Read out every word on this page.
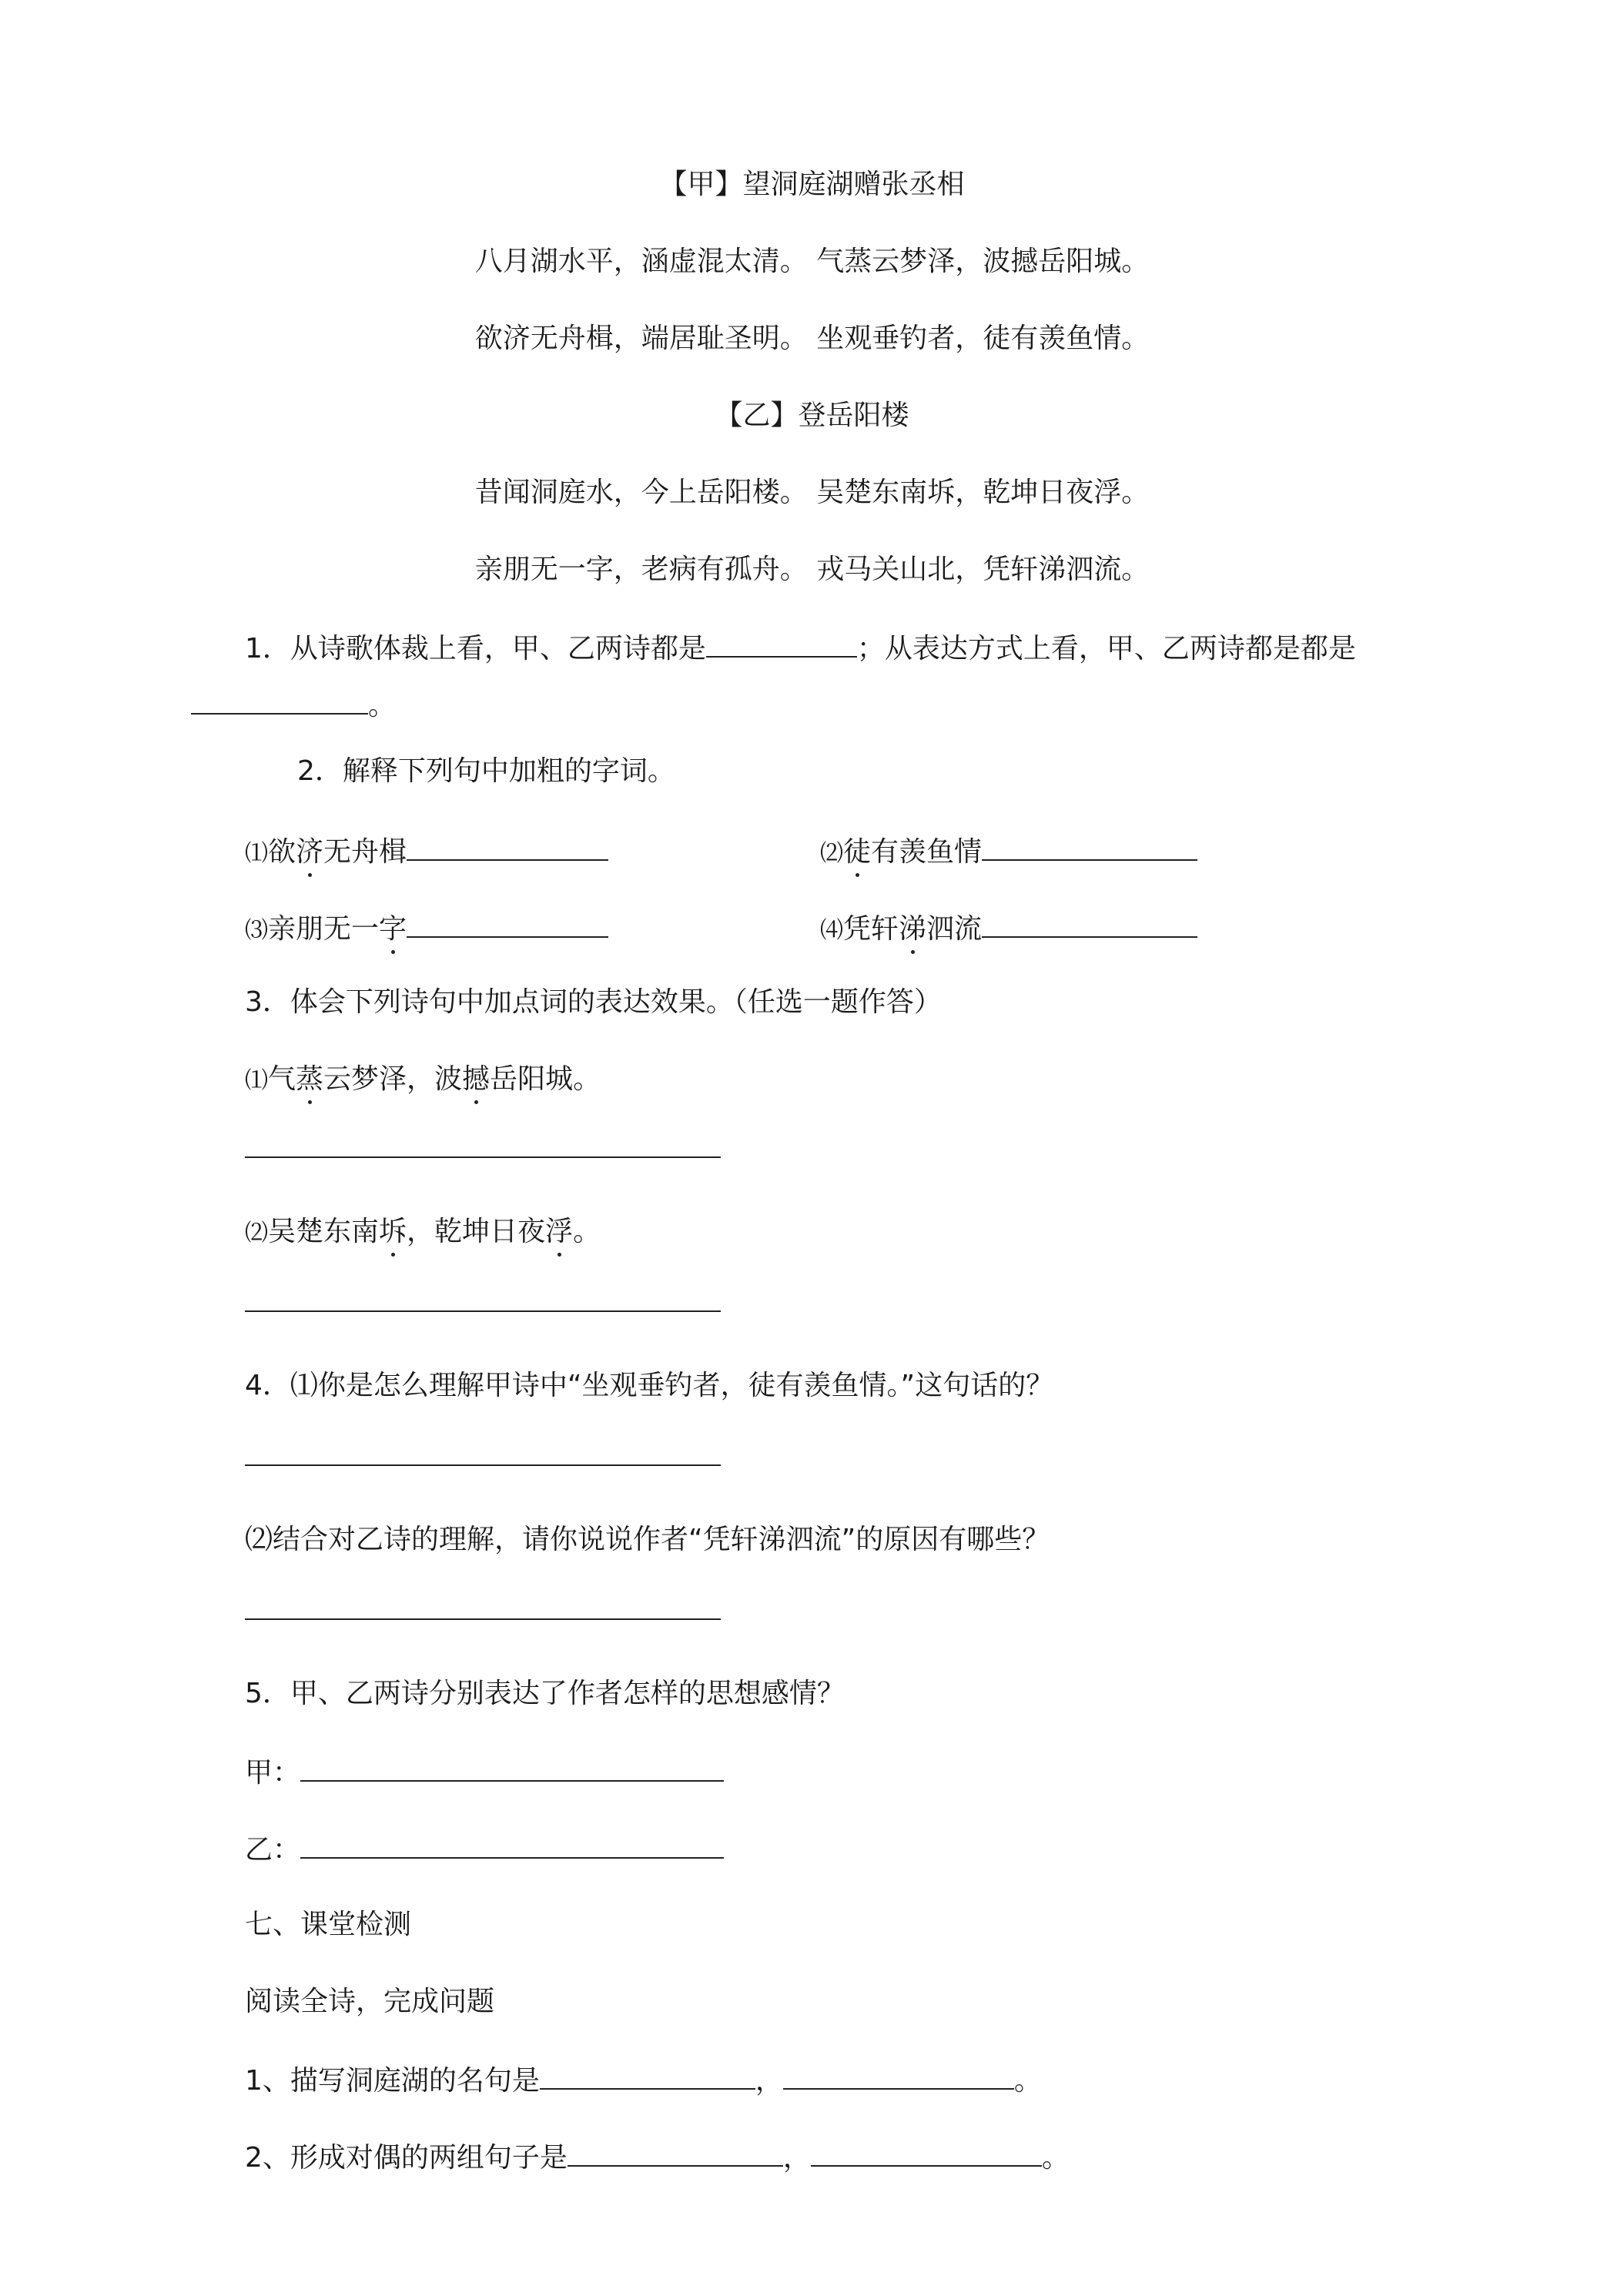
【甲】望洞庭湖赠张丞相
八月湖水平，涵虚混太清。 气蒸云梦泽，波撼岳阳城。
欲济无舟楫，端居耻圣明。 坐观垂钓者，徒有羡鱼情。
【乙】登岳阳楼
昔闻洞庭水，今上岳阳楼。 吴楚东南坼，乾坤日夜浮。
亲朋无一字，老病有孤舟。 戎马关山北，凭轩涕泗流。
1．从诗歌体裁上看，甲、乙两诗都是	；从表达方式上看，甲、乙两诗都是都是
。
2．解释下列句中加粗的字词。
⑴欲济无舟楫	⑵徒有羡鱼情
⑶亲朋无一字	⑷凭轩涕泗流
3．体会下列诗句中加点词的表达效果。（任选一题作答）
⑴气蒸云梦泽，波撼岳阳城。
⑵吴楚东南坼，乾坤日夜浮。
4．⑴你是怎么理解甲诗中“坐观垂钓者，徒有羡鱼情。”这句话的？
⑵结合对乙诗的理解，请你说说作者“凭轩涕泗流”的原因有哪些？
5．甲、乙两诗分别表达了作者怎样的思想感情？
甲：
乙：
七、课堂检测
阅读全诗，完成问题
1、描写洞庭湖的名句是	，	。
2、形成对偶的两组句子是	，	。
